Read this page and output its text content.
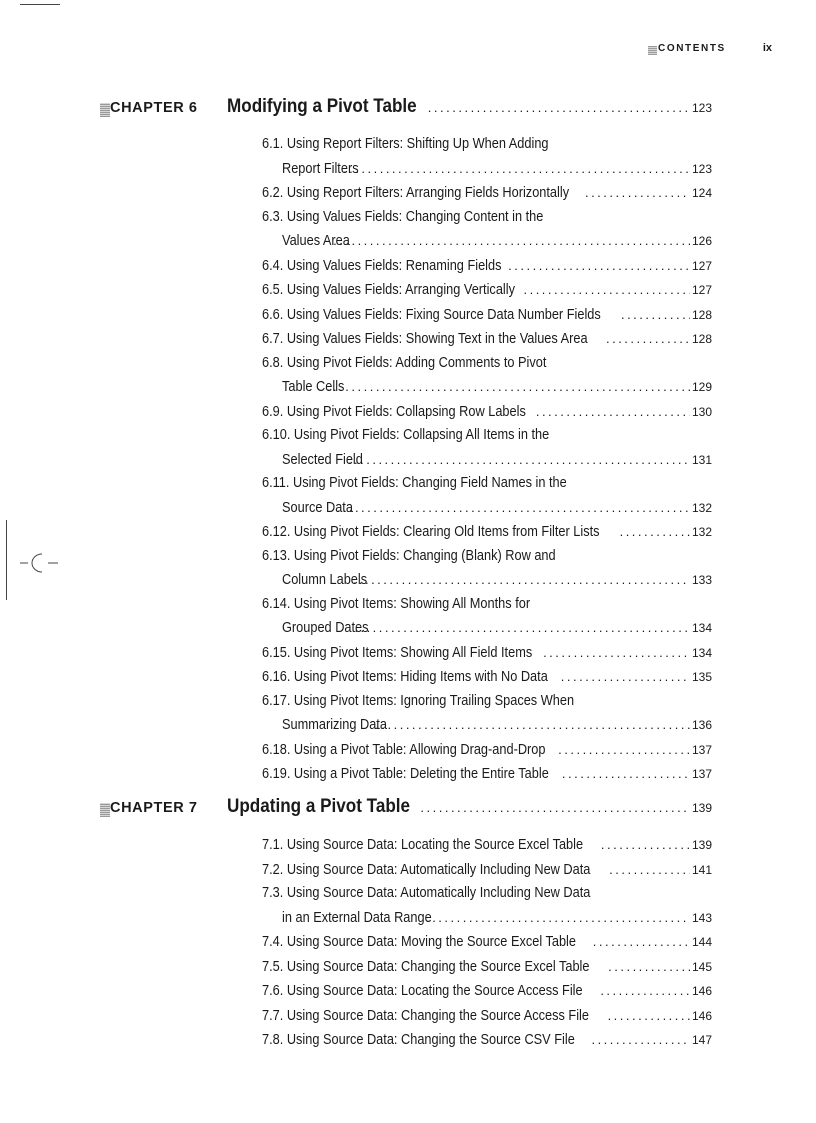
CONTENTS	ix
CHAPTER 6 Modifying a Pivot Table .....	123
6.1. Using Report Filters: Shifting Up When Adding
Report Filters .....	123
6.2. Using Report Filters: Arranging Fields Horizontally .....	124
6.3. Using Values Fields: Changing Content in the
Values Area .....	126
6.4. Using Values Fields: Renaming Fields .....	127
6.5. Using Values Fields: Arranging Vertically .....	127
6.6. Using Values Fields: Fixing Source Data Number Fields .....	128
6.7. Using Values Fields: Showing Text in the Values Area .....	128
6.8. Using Pivot Fields: Adding Comments to Pivot
Table Cells .....	129
6.9. Using Pivot Fields: Collapsing Row Labels .....	130
6.10. Using Pivot Fields: Collapsing All Items in the
Selected Field .....	131
6.11. Using Pivot Fields: Changing Field Names in the
Source Data .....	132
6.12. Using Pivot Fields: Clearing Old Items from Filter Lists .....	132
6.13. Using Pivot Fields: Changing (Blank) Row and
Column Labels .....	133
6.14. Using Pivot Items: Showing All Months for
Grouped Dates .....	134
6.15. Using Pivot Items: Showing All Field Items .....	134
6.16. Using Pivot Items: Hiding Items with No Data .....	135
6.17. Using Pivot Items: Ignoring Trailing Spaces When
Summarizing Data .....	136
6.18. Using a Pivot Table: Allowing Drag-and-Drop .....	137
6.19. Using a Pivot Table: Deleting the Entire Table .....	137
CHAPTER 7 Updating a Pivot Table .....	139
7.1. Using Source Data: Locating the Source Excel Table .....	139
7.2. Using Source Data: Automatically Including New Data .....	141
7.3. Using Source Data: Automatically Including New Data
in an External Data Range .....	143
7.4. Using Source Data: Moving the Source Excel Table .....	144
7.5. Using Source Data: Changing the Source Excel Table .....	145
7.6. Using Source Data: Locating the Source Access File .....	146
7.7. Using Source Data: Changing the Source Access File .....	146
7.8. Using Source Data: Changing the Source CSV File .....	147
